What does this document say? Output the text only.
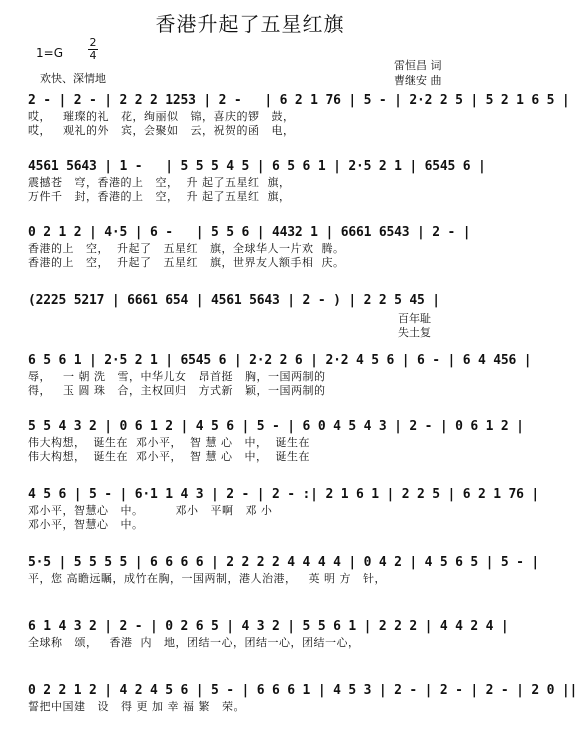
香港升起了五星红旗
1=G
2
4
雷恒昌 词
曹继安 曲
欢快、深情地
2 - | 2 - | 2 2 2 1253 | 2 -   | 6 2 1 76 | 5 - | 2·2 2 5 | 5 2 1 6 5 |
哎，   璀璨的礼   花，绚丽似   锦，喜庆的锣   鼓，
哎，   观礼的外   宾，会聚如   云，祝贺的函   电，
4561 5643 | 1 -   | 5 5 5 4 5 | 6 5 6 1 | 2·5 2 1 | 6545 6 |
震撼苍   穹，香港的上   空，  升 起了五星红  旗，
万件千   封，香港的上   空，  升 起了五星红  旗，
0 2 1 2 | 4·5 | 6 -   | 5 5 6 | 4432 1 | 6661 6543 | 2 - |
香港的上   空，  升起了   五星红   旗，全球华人一片欢  腾。
香港的上   空，  升起了   五星红   旗，世界友人额手相  庆。
(2225 5217 | 6661 654 | 4561 5643 | 2 - ) | 2 2 5 45 |
百年耻
失土复
6 5 6 1 | 2·5 2 1 | 6545 6 | 2·2 2 6 | 2·2 4 5 6 | 6 - | 6 4 456 |
辱，   一 朝 洗   雪，中华儿女   昂首挺   胸，一国两制的
得，   玉 圆 珠   合，主权回归   方式新   颖，一国两制的
5 5 4 3 2 | 0 6 1 2 | 4 5 6 | 5 - | 6 0 4 5 4 3 | 2 - | 0 6 1 2 |
伟大构想，  诞生在  邓小平，  智 慧 心   中，  诞生在
伟大构想，  诞生在  邓小平，  智 慧 心   中，  诞生在
4 5 6 | 5 - | 6·1 1 4 3 | 2 - | 2 - :| 2 1 6 1 | 2 2 5 | 6 2 1 76 |
邓小平，智慧心   中。        邓小   平啊   邓 小
邓小平，智慧心   中。
5·5 | 5 5 5 5 | 6 6 6 6 | 2 2 2 2 4 4 4 4 | 0 4 2 | 4 5 6 5 | 5 - |
平，您 高瞻远瞩，成竹在胸，一国两制，港人治港，   英 明 方   针，
6 1 4 3 2 | 2 - | 0 2 6 5 | 4 3 2 | 5 5 6 1 | 2 2 2 | 4 4 2 4 |
全球称   颂，   香港  内   地，团结一心，团结一心，团结一心，
0 2 2 1 2 | 4 2 4 5 6 | 5 - | 6 6 6 1 | 4 5 3 | 2 - | 2 - | 2 - | 2 0 ||
誓把中国建   设   得 更 加 幸 福 繁   荣。
